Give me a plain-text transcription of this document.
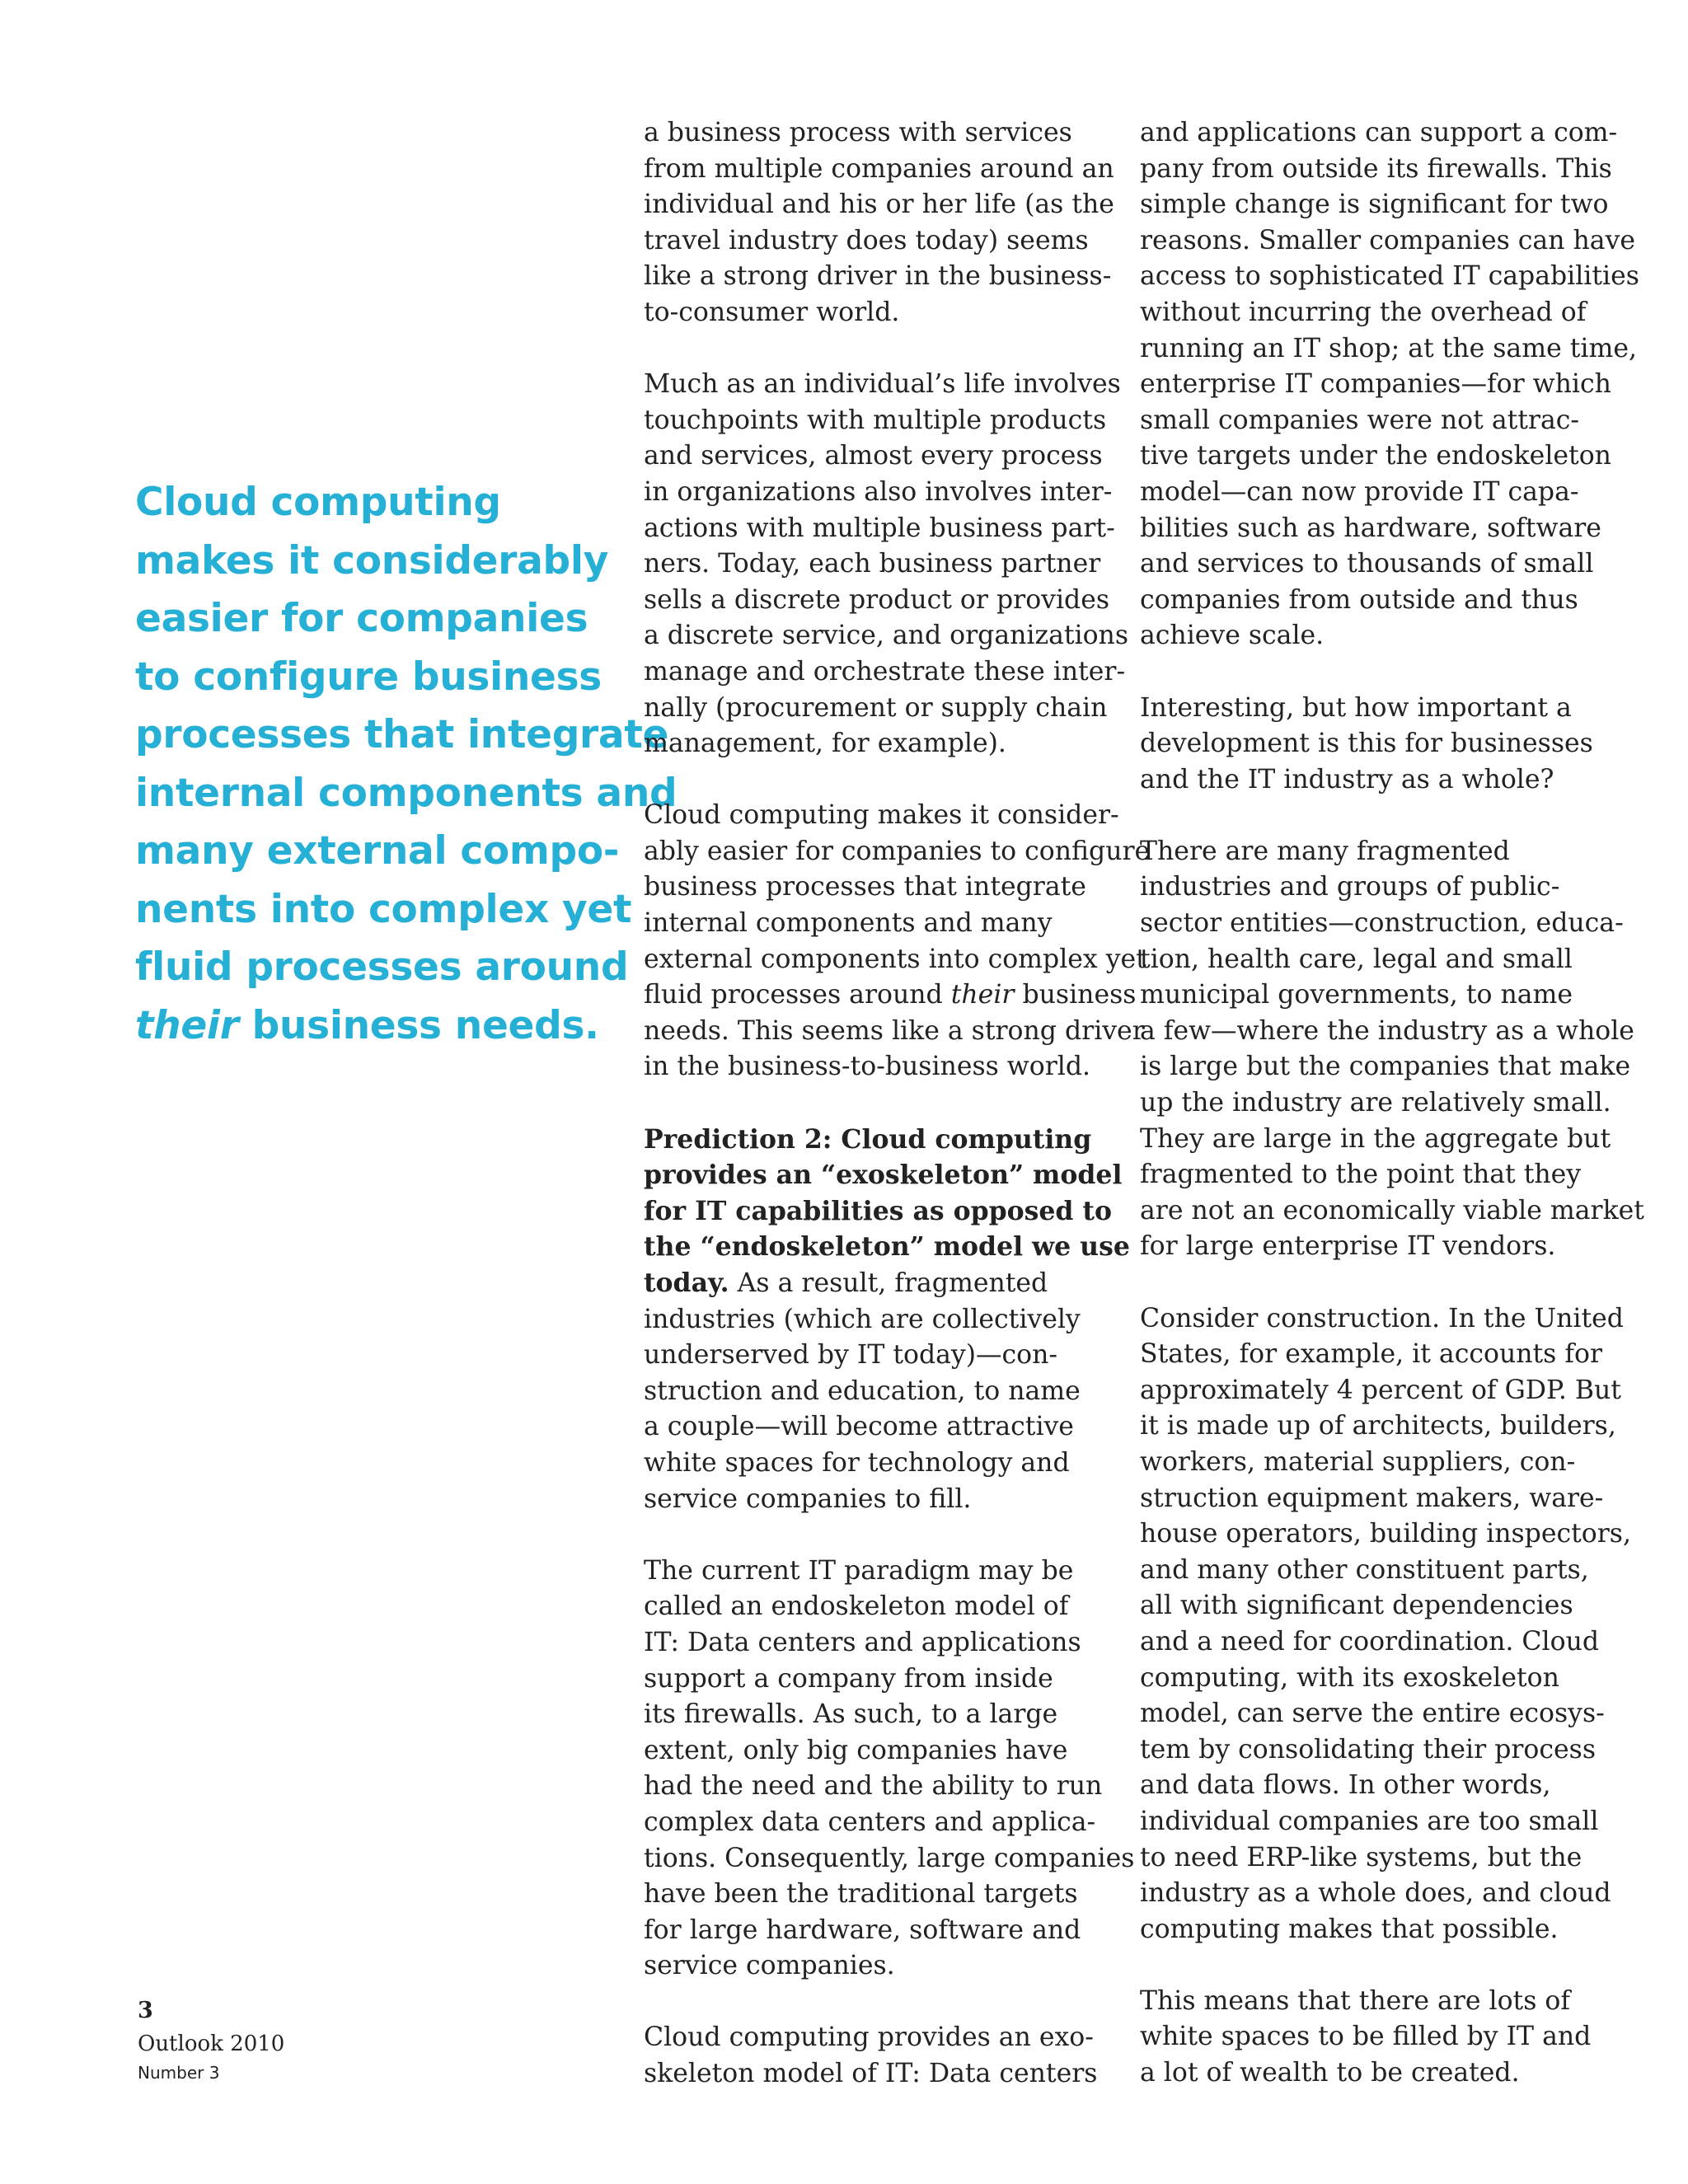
Cloud computing
makes it considerably
easier for companies
to configure business
processes that integrate
internal components and
many external compo-
nents into complex yet
fluid processes around
their business needs.
a business process with services
from multiple companies around an
individual and his or her life (as the
travel industry does today) seems
like a strong driver in the business-
to-consumer world.
Much as an individual’s life involves
touchpoints with multiple products
and services, almost every process
in organizations also involves inter-
actions with multiple business part-
ners. Today, each business partner
sells a discrete product or provides
a discrete service, and organizations
manage and orchestrate these inter-
nally (procurement or supply chain
management, for example).
Cloud computing makes it consider-
ably easier for companies to configure
business processes that integrate
internal components and many
external components into complex yet
fluid processes around their business
needs. This seems like a strong driver
in the business-to-business world.
Prediction 2: Cloud computing
provides an “exoskeleton” model
for IT capabilities as opposed to
the “endoskeleton” model we use
today. As a result, fragmented
industries (which are collectively
underserved by IT today)—con-
struction and education, to name
a couple—will become attractive
white spaces for technology and
service companies to fill.
The current IT paradigm may be
called an endoskeleton model of
IT: Data centers and applications
support a company from inside
its firewalls. As such, to a large
extent, only big companies have
had the need and the ability to run
complex data centers and applica-
tions. Consequently, large companies
have been the traditional targets
for large hardware, software and
service companies.
Cloud computing provides an exo-
skeleton model of IT: Data centers
and applications can support a com-
pany from outside its firewalls. This
simple change is significant for two
reasons. Smaller companies can have
access to sophisticated IT capabilities
without incurring the overhead of
running an IT shop; at the same time,
enterprise IT companies—for which
small companies were not attrac-
tive targets under the endoskeleton
model—can now provide IT capa-
bilities such as hardware, software
and services to thousands of small
companies from outside and thus
achieve scale.
Interesting, but how important a
development is this for businesses
and the IT industry as a whole?
There are many fragmented
industries and groups of public-
sector entities—construction, educa-
tion, health care, legal and small
municipal governments, to name
a few—where the industry as a whole
is large but the companies that make
up the industry are relatively small.
They are large in the aggregate but
fragmented to the point that they
are not an economically viable market
for large enterprise IT vendors.
Consider construction. In the United
States, for example, it accounts for
approximately 4 percent of GDP. But
it is made up of architects, builders,
workers, material suppliers, con-
struction equipment makers, ware-
house operators, building inspectors,
and many other constituent parts,
all with significant dependencies
and a need for coordination. Cloud
computing, with its exoskeleton
model, can serve the entire ecosys-
tem by consolidating their process
and data flows. In other words,
individual companies are too small
to need ERP-like systems, but the
industry as a whole does, and cloud
computing makes that possible.
This means that there are lots of
white spaces to be filled by IT and
a lot of wealth to be created.
3
Outlook 2010
Number 3
